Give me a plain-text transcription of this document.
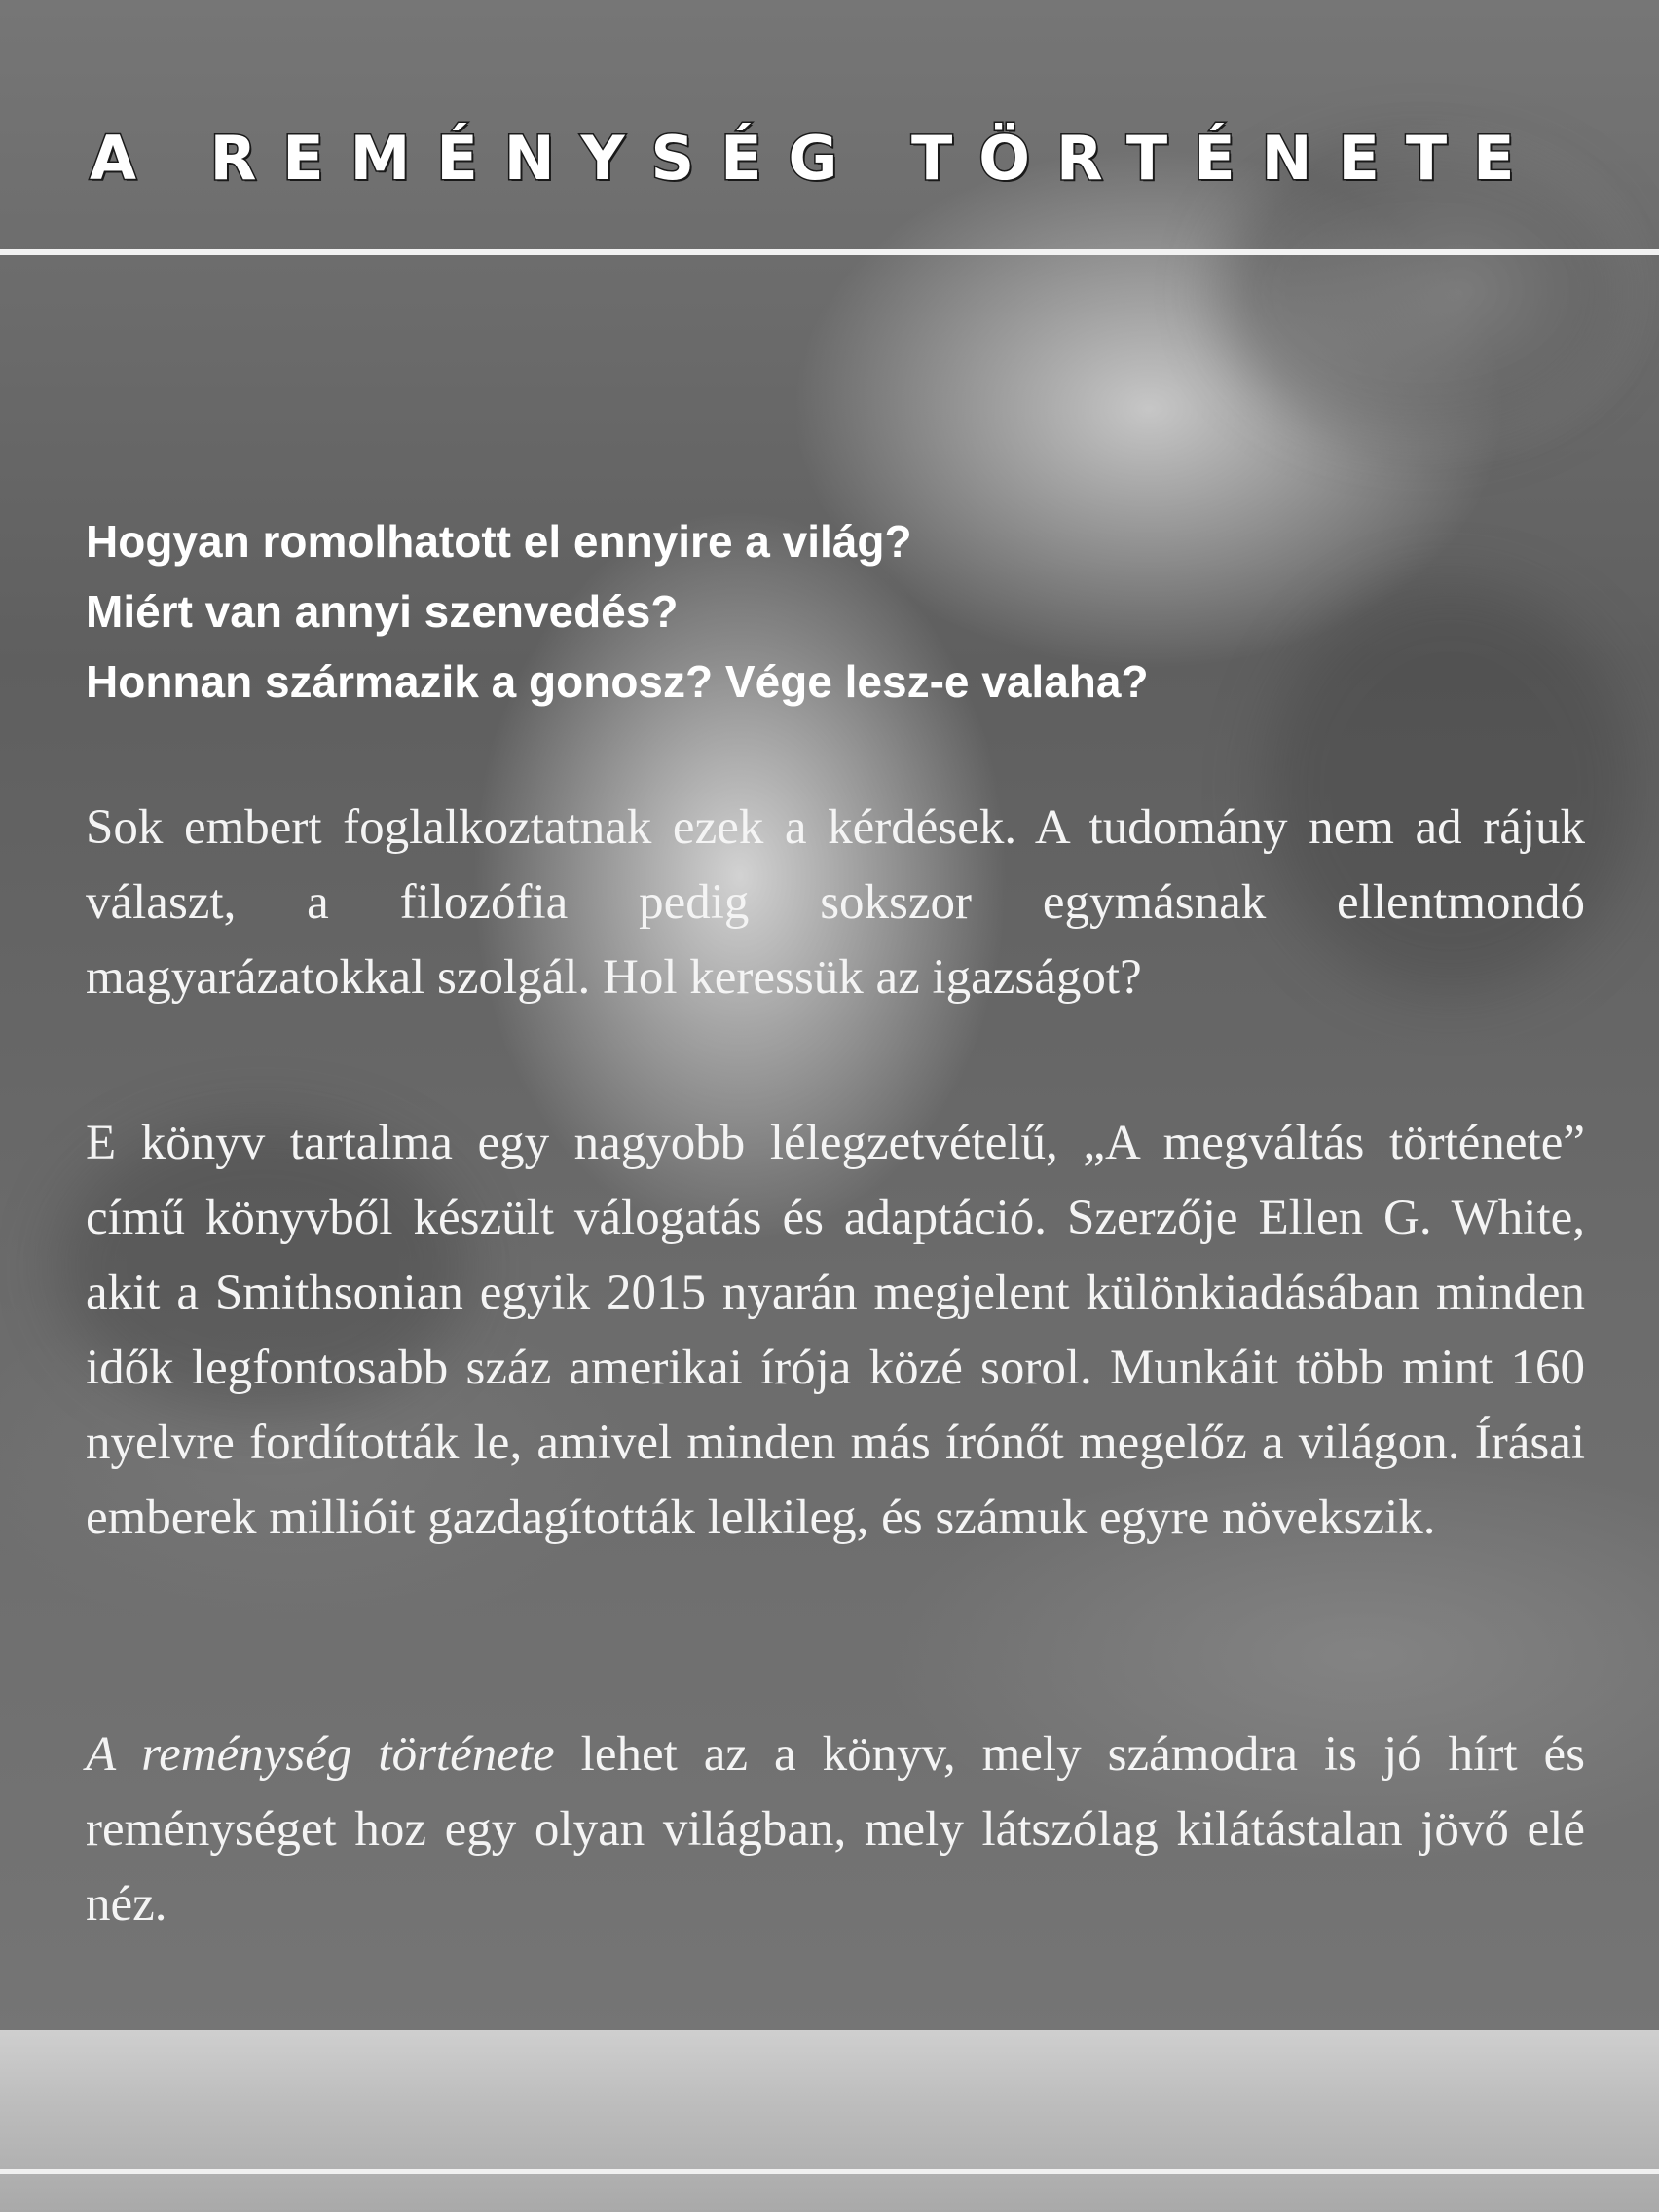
A REMÉNYSÉG TÖRTÉNETE
Hogyan romolhatott el ennyire a világ?
Miért van annyi szenvedés?
Honnan származik a gonosz? Vége lesz-e valaha?

Sok embert foglalkoztatnak ezek a kérdések. A tudomány nem ad rájuk választ, a filozófia pedig sokszor egymásnak ellentmondó magyarázatokkal szolgál. Hol keressük az igazságot?

E könyv tartalma egy nagyobb lélegzetvételű, „A megváltás története” című könyvből készült válogatás és adaptáció. Szerzője Ellen G. White, akit a Smithsonian egyik 2015 nyarán megjelent különkiadásában minden idők legfontosabb száz amerikai írója közé sorol. Munkáit több mint 160 nyelvre fordították le, amivel minden más írónőt megelőz a világon. Írásai emberek millióit gazdagították lelkileg, és számuk egyre növekszik.

A reménység története lehet az a könyv, mely számodra is jó hírt és reménységet hoz egy olyan világban, mely látszólag kilátástalan jövő elé néz.
